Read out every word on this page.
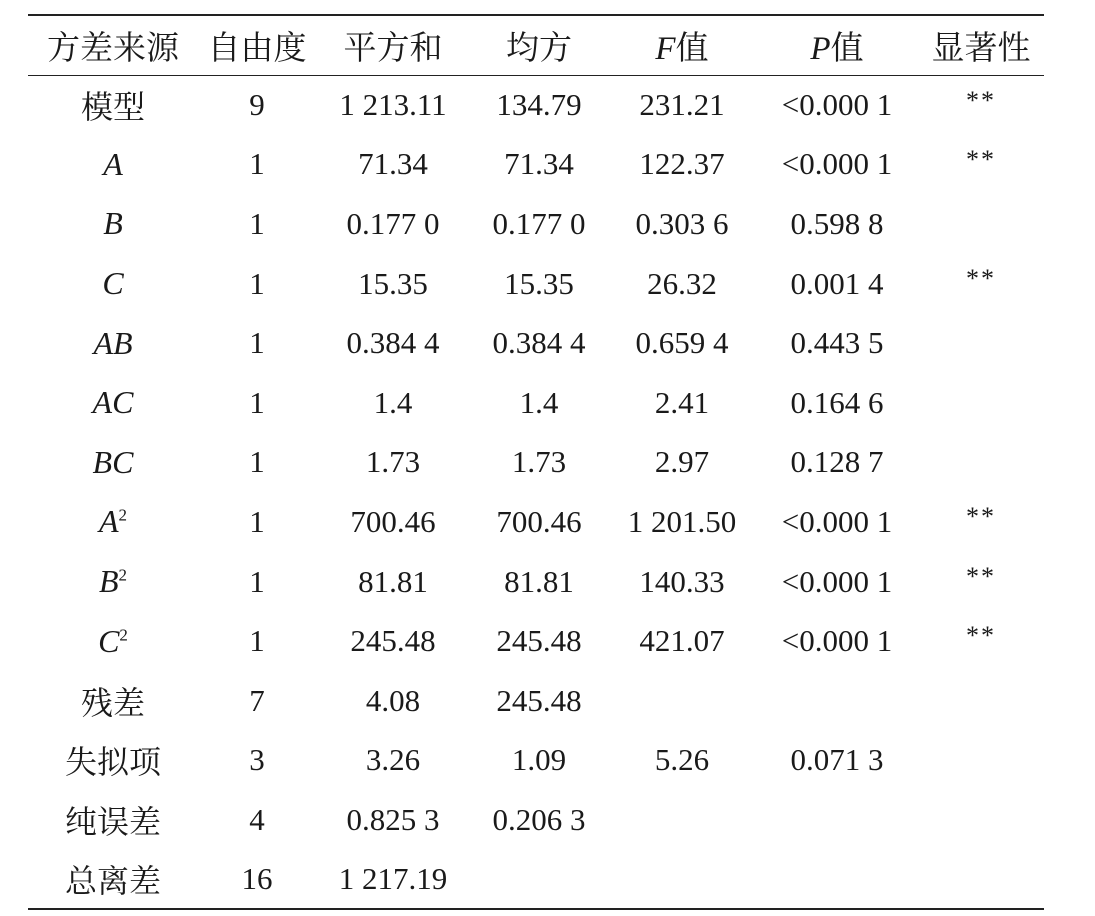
方差来源	自由度	平方和	均方	F值	P值	显著性
模型	9	1 213.11	134.79	231.21	<0.000 1	**
A	1	71.34	71.34	122.37	<0.000 1	**
B	1	0.177 0	0.177 0	0.303 6	0.598 8	
C	1	15.35	15.35	26.32	0.001 4	**
AB	1	0.384 4	0.384 4	0.659 4	0.443 5	
AC	1	1.4	1.4	2.41	0.164 6	
BC	1	1.73	1.73	2.97	0.128 7	
$A^2$	1	700.46	700.46	1 201.50	<0.000 1	**
$B^2$	1	81.81	81.81	140.33	<0.000 1	**
$C^2$	1	245.48	245.48	421.07	<0.000 1	**
残差	7	4.08	245.48			
失拟项	3	3.26	1.09	5.26	0.071 3	
纯误差	4	0.825 3	0.206 3			
总离差	16	1 217.19				
